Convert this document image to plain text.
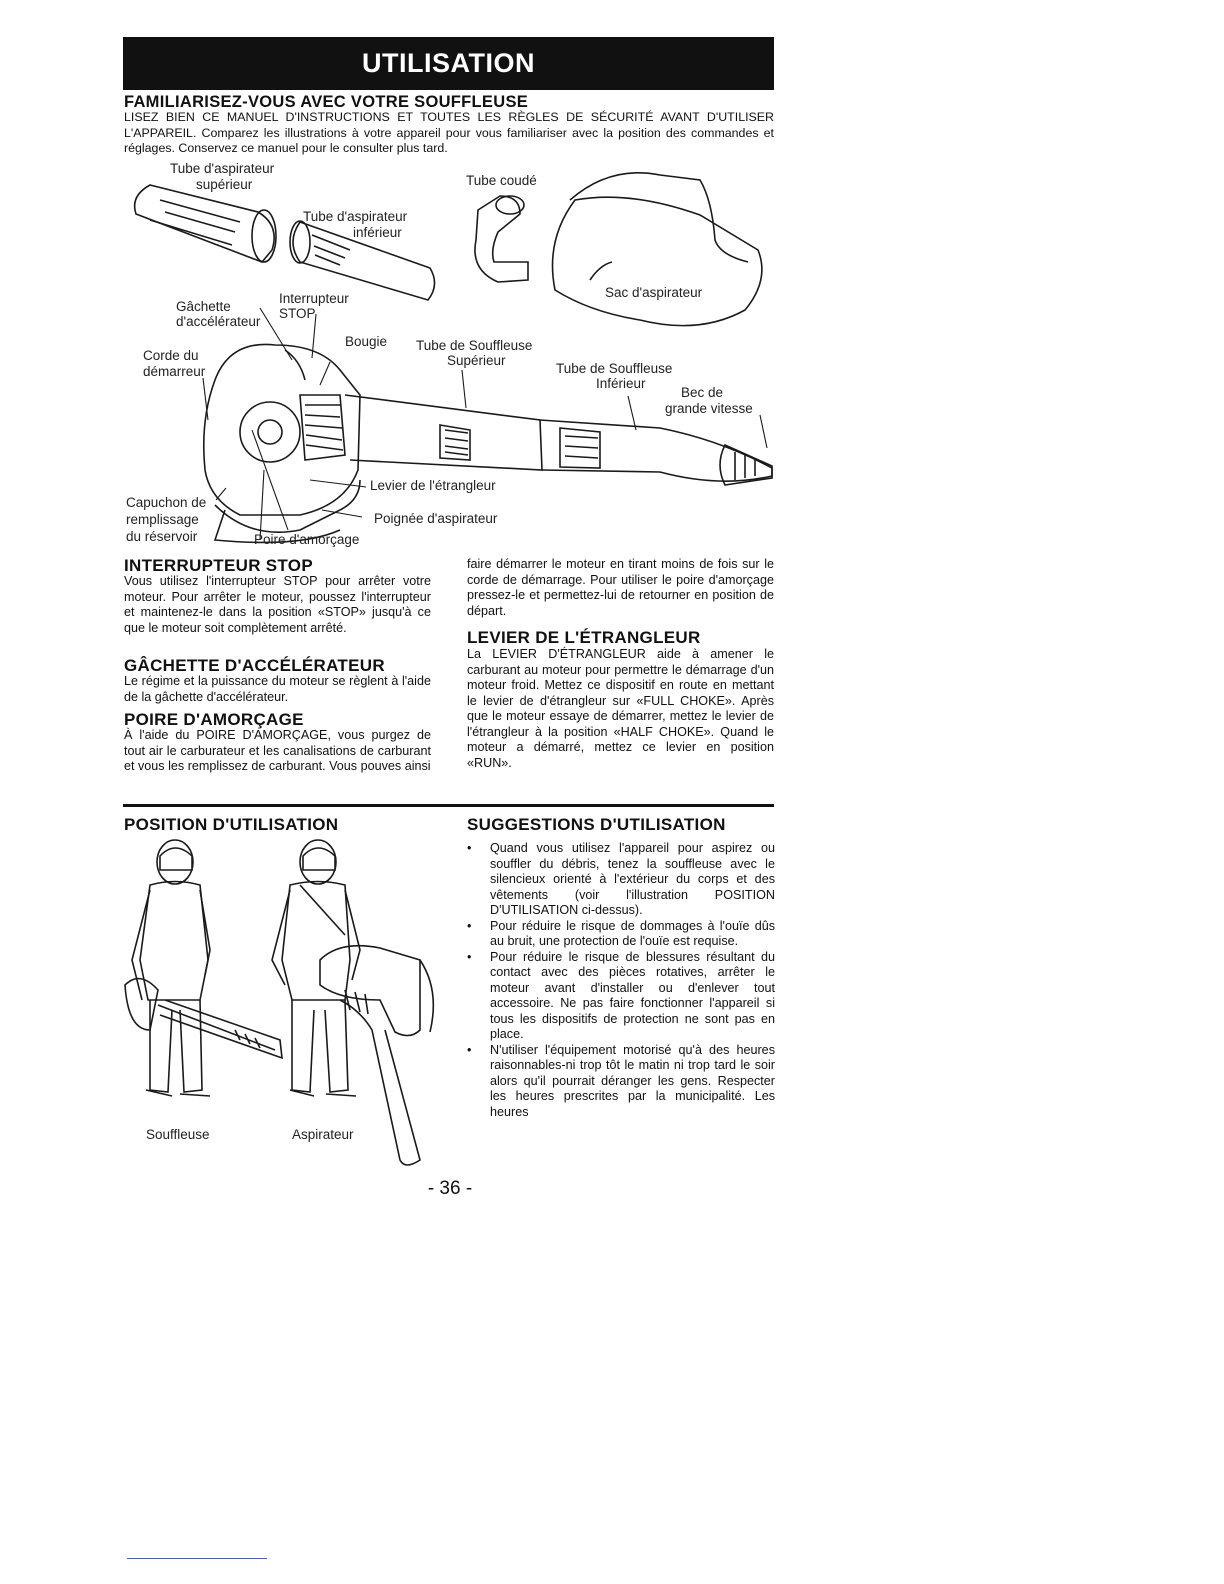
UTILISATION
FAMILIARISEZ-VOUS AVEC VOTRE SOUFFLEUSE
LISEZ BIEN CE MANUEL D'INSTRUCTIONS ET TOUTES LES RÈGLES DE SÉCURITÉ AVANT D'UTILISER L'APPAREIL. Comparez les illustrations à votre appareil pour vous familiariser avec la position des commandes et réglages. Conservez ce manuel pour le consulter plus tard.
Tube d'aspirateur
supérieur
Tube d'aspirateur
inférieur
Tube coudé
Sac d'aspirateur
Gâchette
d'accélérateur
Interrupteur
STOP
Bougie
Corde du
démarreur
Tube de Souffleuse
Supérieur
Tube de Souffleuse
Inférieur
Bec de
grande vitesse
Levier de l'étrangleur
Capuchon de
remplissage
du réservoir
Poignée d'aspirateur
Poire d'amorçage
INTERRUPTEUR STOP
Vous utilisez l'interrupteur STOP pour arrêter votre moteur. Pour arrêter le moteur, poussez l'interrupteur et maintenez-le dans la position «STOP» jusqu'à ce que le moteur soit complètement arrêté.
GÂCHETTE D'ACCÉLÉRATEUR
Le régime et la puissance du moteur se règlent à l'aide de la gâchette d'accélérateur.
POIRE D'AMORÇAGE
À l'aide du POIRE D'AMORÇAGE, vous purgez de tout air le carburateur et les canalisations de carburant et vous les remplissez de carburant. Vous pouves ainsi
faire démarrer le moteur en tirant moins de fois sur le corde de démarrage. Pour utiliser le poire d'amorçage pressez-le et permettez-lui de retourner en position de départ.
LEVIER DE L'ÉTRANGLEUR
La LEVIER D'ÉTRANGLEUR aide à amener le carburant au moteur pour permettre le démarrage d'un moteur froid. Mettez ce dispositif en route en mettant le levier de d'étrangleur sur «FULL CHOKE». Après que le moteur essaye de démarrer, mettez le levier de l'étrangleur à la position «HALF CHOKE». Quand le moteur a démarré, mettez ce levier en position «RUN».
POSITION D'UTILISATION
Souffleuse	Aspirateur
SUGGESTIONS D'UTILISATION
• Quand vous utilisez l'appareil pour aspirez ou souffler du débris, tenez la souffleuse avec le silencieux orienté à l'extérieur du corps et des vêtements (voir l'illustration POSITION D'UTILISATION ci-dessus).
• Pour réduire le risque de dommages à l'ouïe dûs au bruit, une protection de l'ouïe est requise.
• Pour réduire le risque de blessures résultant du contact avec des pièces rotatives, arrêter le moteur avant d'installer ou d'enlever tout accessoire. Ne pas faire fonctionner l'appareil si tous les dispositifs de protection ne sont pas en place.
• N'utiliser l'équipement motorisé qu'à des heures raisonnables-ni trop tôt le matin ni trop tard le soir alors qu'il pourrait déranger les gens. Respecter les heures prescrites par la municipalité. Les heures
- 36 -
